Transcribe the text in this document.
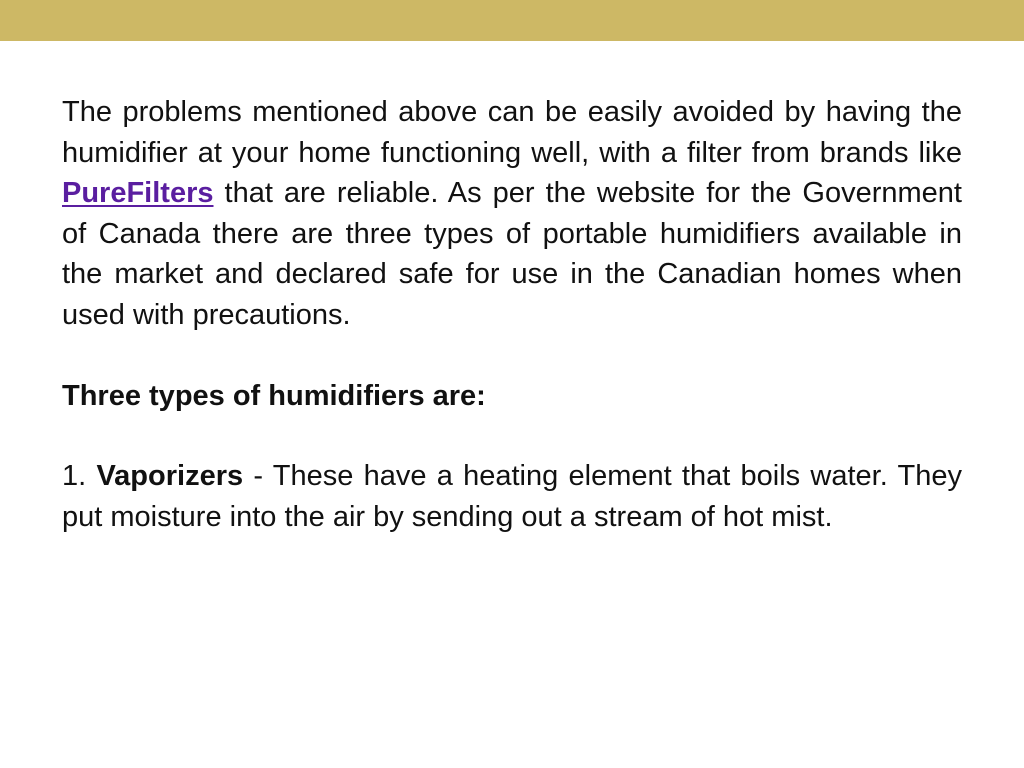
The problems mentioned above can be easily avoided by having the humidifier at your home functioning well, with a filter from brands like PureFilters that are reliable. As per the website for the Government of Canada there are three types of portable humidifiers available in the market and declared safe for use in the Canadian homes when used with precautions.

Three types of humidifiers are:

1. Vaporizers - These have a heating element that boils water. They put moisture into the air by sending out a stream of hot mist.
